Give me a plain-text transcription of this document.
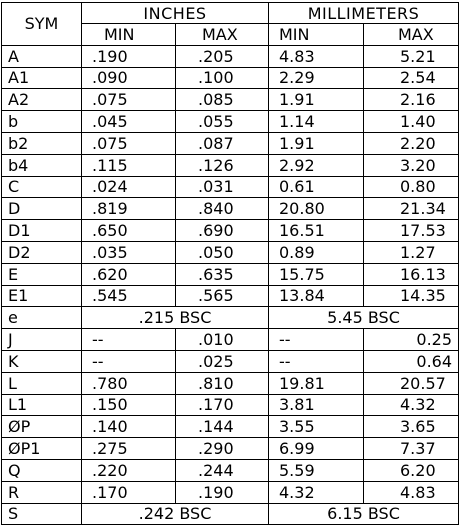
SYM	INCHES		MILLIMETERS	
	MIN	MAX	MIN	MAX
A	.190	.205	4.83	5.21
A1	.090	.100	2.29	2.54
A2	.075	.085	1.91	2.16
b	.045	.055	1.14	1.40
b2	.075	.087	1.91	2.20
b4	.115	.126	2.92	3.20
C	.024	.031	0.61	0.80
D	.819	.840	20.80	21.34
D1	.650	.690	16.51	17.53
D2	.035	.050	0.89	1.27
E	.620	.635	15.75	16.13
E1	.545	.565	13.84	14.35
e	.215 BSC		5.45 BSC	
J	--	.010	--	0.25
K	--	.025	--	0.64
L	.780	.810	19.81	20.57
L1	.150	.170	3.81	4.32
ØP	.140	.144	3.55	3.65
ØP1	.275	.290	6.99	7.37
Q	.220	.244	5.59	6.20
R	.170	.190	4.32	4.83
S	.242 BSC		6.15 BSC	
